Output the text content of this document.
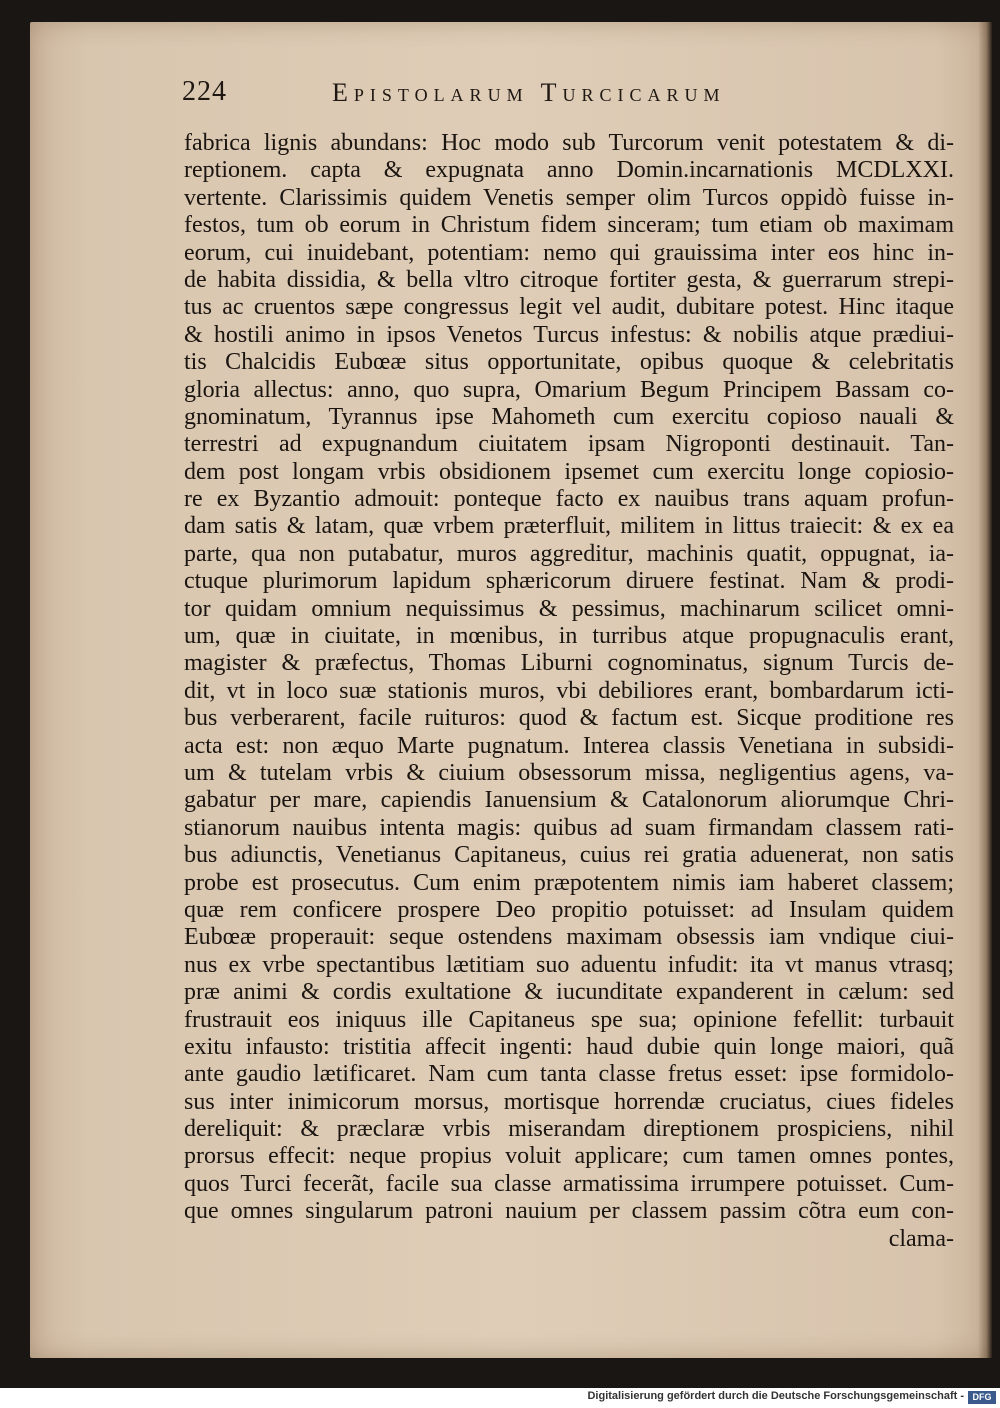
224	Epistolarum Turcicarum
fabrica lignis abundans: Hoc modo sub Turcorum venit potestatem & di-
reptionem. capta & expugnata anno Domin.incarnationis MCDLXXI.
vertente. Clarissimis quidem Venetis semper olim Turcos oppidò fuisse in-
festos, tum ob eorum in Christum fidem sinceram; tum etiam ob maximam
eorum, cui inuidebant, potentiam: nemo qui grauissima inter eos hinc in-
de habita dissidia, & bella vltro citroque fortiter gesta, & guerrarum strepi-
tus ac cruentos sæpe congressus legit vel audit, dubitare potest. Hinc itaque
& hostili animo in ipsos Venetos Turcus infestus: & nobilis atque prædiui-
tis Chalcidis Eubœæ situs opportunitate, opibus quoque & celebritatis
gloria allectus: anno, quo supra, Omarium Begum Principem Bassam co-
gnominatum, Tyrannus ipse Mahometh cum exercitu copioso nauali &
terrestri ad expugnandum ciuitatem ipsam Nigroponti destinauit. Tan-
dem post longam vrbis obsidionem ipsemet cum exercitu longe copiosio-
re ex Byzantio admouit: ponteque facto ex nauibus trans aquam profun-
dam satis & latam, quæ vrbem præterfluit, militem in littus traiecit: & ex ea
parte, qua non putabatur, muros aggreditur, machinis quatit, oppugnat, ia-
ctuque plurimorum lapidum sphæricorum diruere festinat. Nam & prodi-
tor quidam omnium nequissimus & pessimus, machinarum scilicet omni-
um, quæ in ciuitate, in mœnibus, in turribus atque propugnaculis erant,
magister & præfectus, Thomas Liburni cognominatus, signum Turcis de-
dit, vt in loco suæ stationis muros, vbi debiliores erant, bombardarum icti-
bus verberarent, facile ruituros: quod & factum est. Sicque proditione res
acta est: non æquo Marte pugnatum. Interea classis Venetiana in subsidi-
um & tutelam vrbis & ciuium obsessorum missa, negligentius agens, va-
gabatur per mare, capiendis Ianuensium & Catalonorum aliorumque Chri-
stianorum nauibus intenta magis: quibus ad suam firmandam classem rati-
bus adiunctis, Venetianus Capitaneus, cuius rei gratia aduenerat, non satis
probe est prosecutus. Cum enim præpotentem nimis iam haberet classem;
quæ rem conficere prospere Deo propitio potuisset: ad Insulam quidem
Eubœæ properauit: seque ostendens maximam obsessis iam vndique ciui-
nus ex vrbe spectantibus lætitiam suo aduentu infudit: ita vt manus vtrasq;
præ animi & cordis exultatione & iucunditate expanderent in cælum: sed
frustrauit eos iniquus ille Capitaneus spe sua; opinione fefellit: turbauit
exitu infausto: tristitia affecit ingenti: haud dubie quin longe maiori, quã
ante gaudio lætificaret. Nam cum tanta classe fretus esset: ipse formidolo-
sus inter inimicorum morsus, mortisque horrendæ cruciatus, ciues fideles
dereliquit: & præclaræ vrbis miserandam direptionem prospiciens, nihil
prorsus effecit: neque propius voluit applicare; cum tamen omnes pontes,
quos Turci fecerãt, facile sua classe armatissima irrumpere potuisset. Cum-
que omnes singularum patroni nauium per classem passim cõtra eum con-
clama-
Digitalisierung gefördert durch die Deutsche Forschungsgemeinschaft - DFG
